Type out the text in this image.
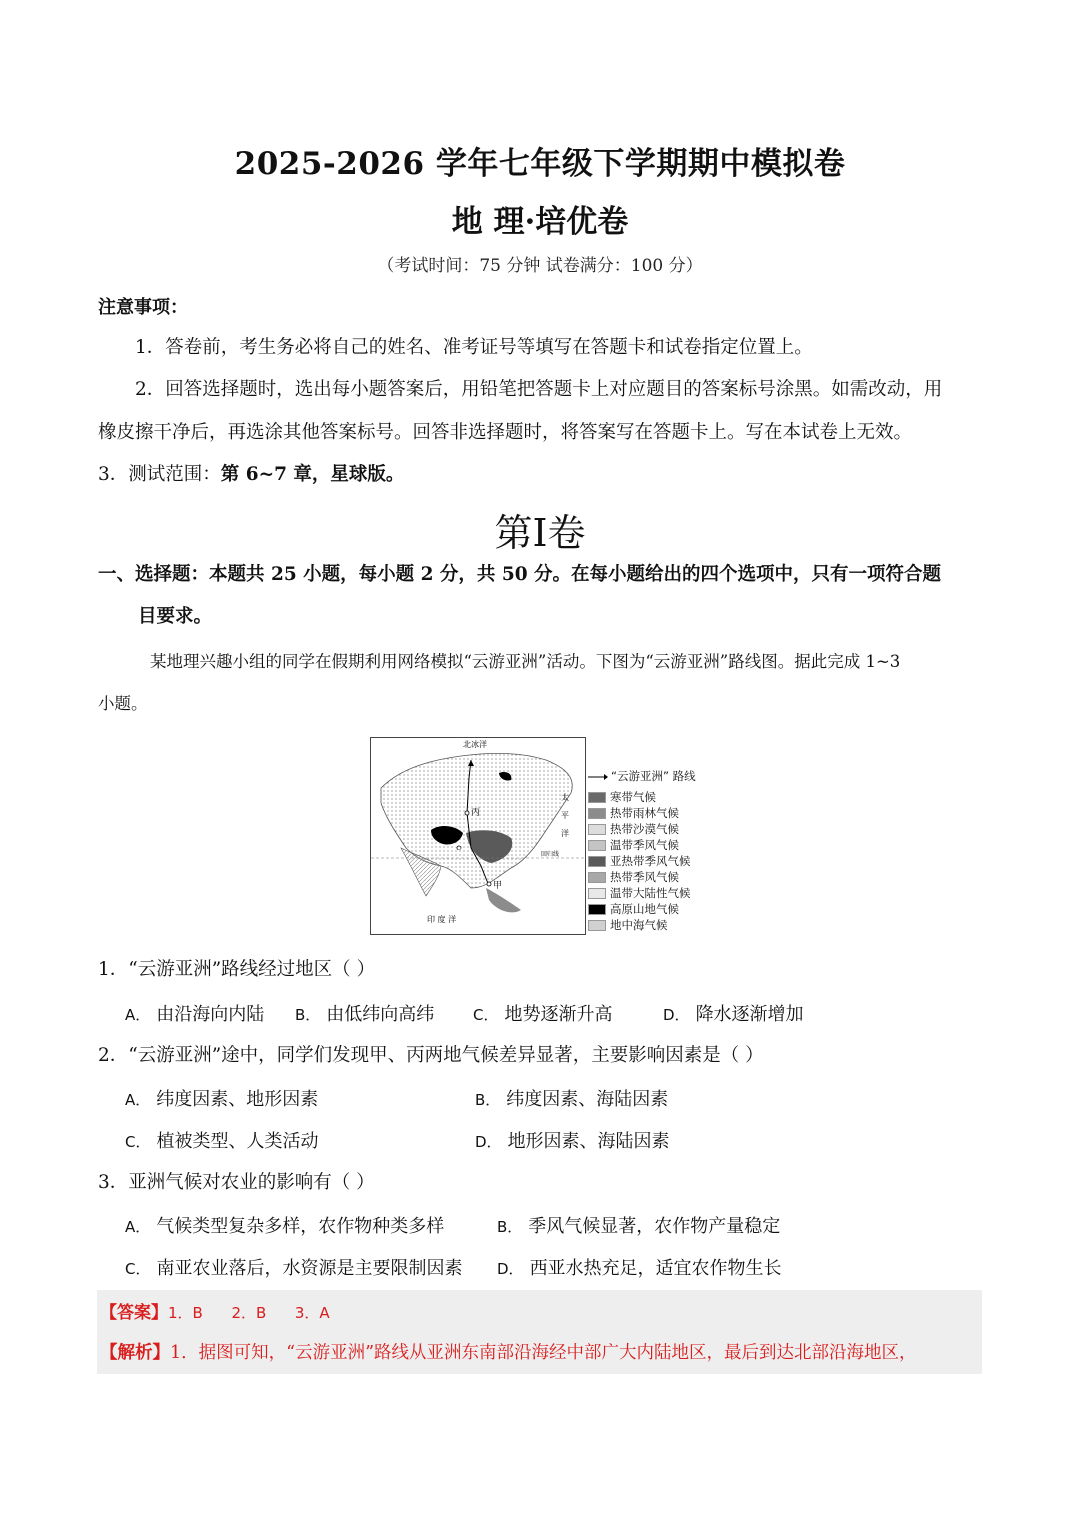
2025-2026 学年七年级下学期期中模拟卷
地 理·培优卷
（考试时间：75 分钟 试卷满分：100 分）
注意事项：
1．答卷前，考生务必将自己的姓名、准考证号等填写在答题卡和试卷指定位置上。
2．回答选择题时，选出每小题答案后，用铅笔把答题卡上对应题目的答案标号涂黑。如需改动，用
橡皮擦干净后，再选涂其他答案标号。回答非选择题时，将答案写在答题卡上。写在本试卷上无效。
3．测试范围：第 6~7 章，星球版。
第I卷
一、选择题：本题共 25 小题，每小题 2 分，共 50 分。在每小题给出的四个选项中，只有一项符合题
目要求。
某地理兴趣小组的同学在假期利用网络模拟“云游亚洲”活动。下图为“云游亚洲”路线图。据此完成 1~3
小题。
甲
乙
丙
北冰洋
印 度 洋
回归线
太
平
洋
“云游亚洲” 路线
寒带气候
热带雨林气候
热带沙漠气候
温带季风气候
亚热带季风气候
热带季风气候
温带大陆性气候
高原山地气候
地中海气候
1．“云游亚洲”路线经过地区（ ）
A． 由沿海向内陆 B． 由低纬向高纬	C． 地势逐渐升高	D． 降水逐渐增加
2．“云游亚洲”途中，同学们发现甲、丙两地气候差异显著，主要影响因素是（ ）
A． 纬度因素、地形因素	B． 纬度因素、海陆因素
C． 植被类型、人类活动	D． 地形因素、海陆因素
3．亚洲气候对农业的影响有（ ）
A． 气候类型复杂多样，农作物种类多样	B． 季风气候显著，农作物产量稳定
C． 南亚农业落后，水资源是主要限制因素 D． 西亚水热充足，适宜农作物生长
【答案】1．B      2．B      3．A
【解析】1．据图可知，“云游亚洲”路线从亚洲东南部沿海经中部广大内陆地区，最后到达北部沿海地区，
